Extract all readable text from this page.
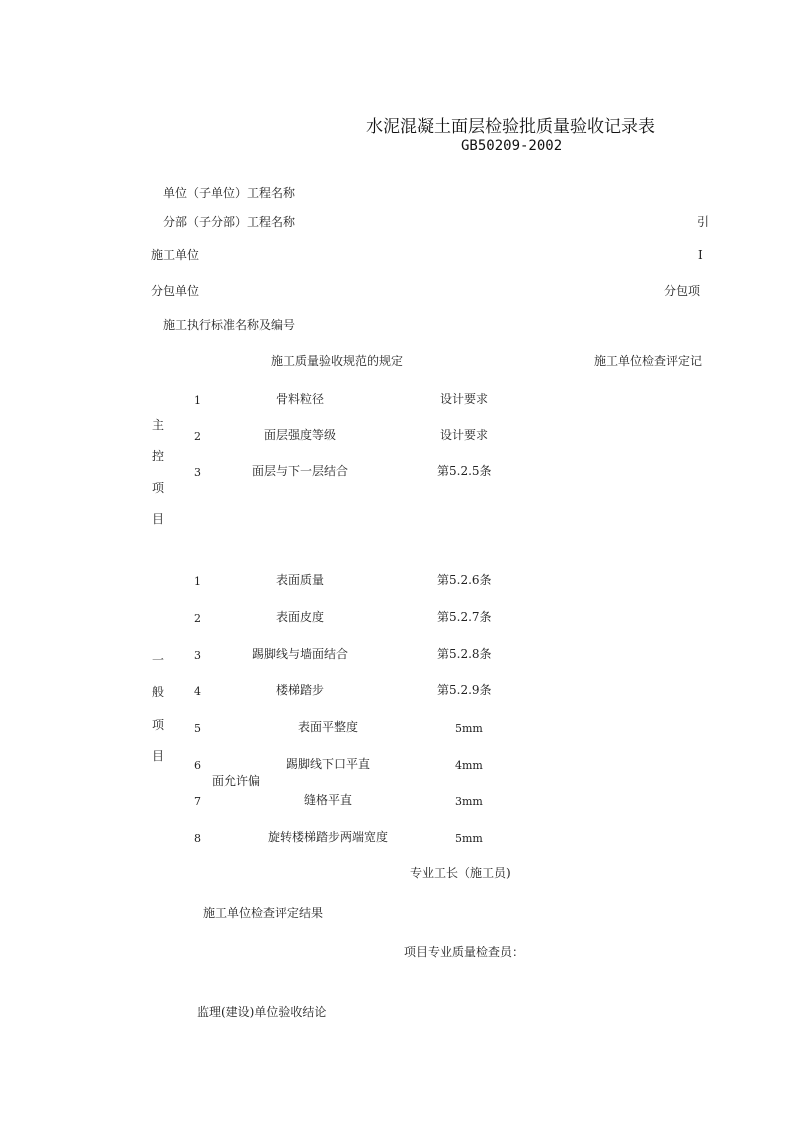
水泥混凝土面层检验批质量验收记录表
GB50209-2002
单位（子单位）工程名称
分部（子分部）工程名称	引
施工单位	I
分包单位	分包项
施工执行标准名称及编号
施工质量验收规范的规定	施工单位检查评定记
主
控
项
目
1	骨料粒径	设计要求
2	面层强度等级	设计要求
3	面层与下一层结合	第5.2.5条
一
般
项
目
1	表面质量	第5.2.6条
2	表面皮度	第5.2.7条
3	踢脚线与墙面结合	第5.2.8条
4	楼梯踏步	第5.2.9条
5	表面平整度	5mm
6	踢脚线下口平直	4mm
面允许偏
7	缝格平直	3mm
8	旋转楼梯踏步两端宽度	5mm
专业工长（施工员)
施工单位检查评定结果
项目专业质量检查员：
监理(建设)单位验收结论
